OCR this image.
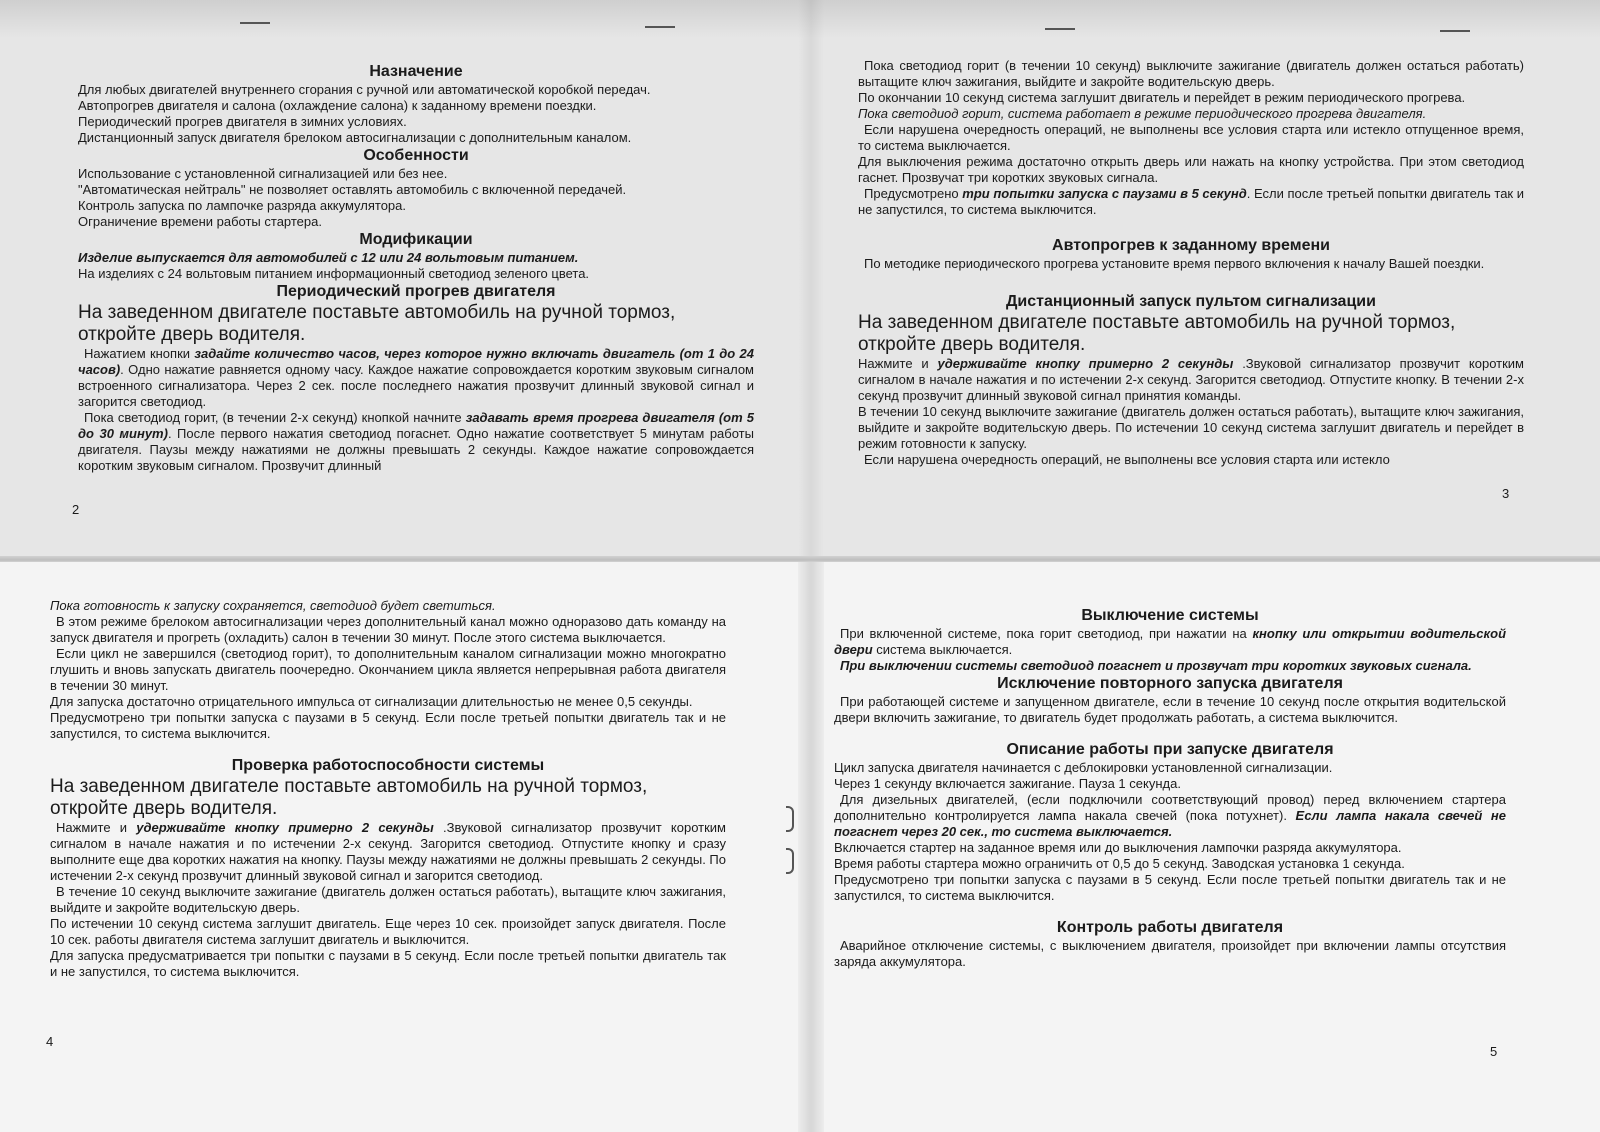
Назначение

Для любых двигателей внутреннего сгорания с ручной или автоматической коробкой передач.

Автопрогрев двигателя и салона (охлаждение салона) к заданному времени поездки.

Периодический прогрев двигателя в зимних условиях.

Дистанционный запуск двигателя брелоком автосигнализации с дополнительным каналом.

Особенности

Использование с установленной сигнализацией или без нее.

"Автоматическая нейтраль" не позволяет оставлять автомобиль с включенной передачей.

Контроль запуска по лампочке разряда аккумулятора.

Ограничение времени работы стартера.

Модификации

Изделие выпускается для автомобилей с 12 или 24 вольтовым питанием.

На изделиях с 24 вольтовым питанием информационный светодиод зеленого цвета.

Периодический прогрев двигателя

На заведенном двигателе поставьте автомобиль на ручной тормоз, откройте дверь водителя.

Нажатием кнопки задайте количество часов, через которое нужно включать двигатель (от 1 до 24 часов). Одно нажатие равняется одному часу. Каждое нажатие сопровождается коротким звуковым сигналом встроенного сигнализатора. Через 2 сек. после последнего нажатия прозвучит длинный звуковой сигнал и загорится светодиод.

Пока светодиод горит, (в течении 2-х секунд) кнопкой начните задавать время прогрева двигателя (от 5 до 30 минут). После первого нажатия светодиод погаснет. Одно нажатие соответствует 5 минутам работы двигателя. Паузы между нажатиями не должны превышать 2 секунды. Каждое нажатие сопровождается коротким звуковым сигналом. Прозвучит длинный

2

Пока светодиод горит (в течении 10 секунд) выключите зажигание (двигатель должен остаться работать) вытащите ключ зажигания, выйдите и закройте водительскую дверь.

По окончании 10 секунд система заглушит двигатель и перейдет в режим периодического прогрева.

Пока светодиод горит, система работает в режиме периодического прогрева двигателя.

Если нарушена очередность операций, не выполнены все условия старта или истекло отпущенное время, то система выключается.

Для выключения режима достаточно открыть дверь или нажать на кнопку устройства. При этом светодиод гаснет. Прозвучат три коротких звуковых сигнала.

Предусмотрено три попытки запуска с паузами в 5 секунд. Если после третьей попытки двигатель так и не запустился, то система выключится.

Автопрогрев к заданному времени

По методике периодического прогрева установите время первого включения к началу Вашей поездки.

Дистанционный запуск пультом сигнализации

На заведенном двигателе поставьте автомобиль на ручной тормоз, откройте дверь водителя.

Нажмите и удерживайте кнопку примерно 2 секунды .Звуковой сигнализатор прозвучит коротким сигналом в начале нажатия и по истечении 2-х секунд. Загорится светодиод. Отпустите кнопку. В течении 2-х секунд прозвучит длинный звуковой сигнал принятия команды.

В течении 10 секунд выключите зажигание (двигатель должен остаться работать), вытащите ключ зажигания, выйдите и закройте водительскую дверь. По истечении 10 секунд система заглушит двигатель и перейдет в режим готовности к запуску.

Если нарушена очередность операций, не выполнены все условия старта или истекло

3

Пока готовность к запуску сохраняется, светодиод будет светиться.

В этом режиме брелоком автосигнализации через дополнительный канал можно одноразово дать команду на запуск двигателя и прогреть (охладить) салон в течении 30 минут. После этого система выключается.

Если цикл не завершился (светодиод горит), то дополнительным каналом сигнализации можно многократно глушить и вновь запускать двигатель поочередно. Окончанием цикла является непрерывная работа двигателя в течении 30 минут.

Для запуска достаточно отрицательного импульса от сигнализации длительностью не менее 0,5 секунды.

Предусмотрено три попытки запуска с паузами в 5 секунд. Если после третьей попытки двигатель так и не запустился, то система выключится.

Проверка работоспособности системы

На заведенном двигателе поставьте автомобиль на ручной тормоз, откройте дверь водителя.

Нажмите и удерживайте кнопку примерно 2 секунды .Звуковой сигнализатор прозвучит коротким сигналом в начале нажатия и по истечении 2-х секунд. Загорится светодиод. Отпустите кнопку и сразу выполните еще два коротких нажатия на кнопку. Паузы между нажатиями не должны превышать 2 секунды. По истечении 2-х секунд прозвучит длинный звуковой сигнал и загорится светодиод.

В течение 10 секунд выключите зажигание (двигатель должен остаться работать), вытащите ключ зажигания, выйдите и закройте водительскую дверь.

По истечении 10 секунд система заглушит двигатель. Еще через 10 сек. произойдет запуск двигателя. После 10 сек. работы двигателя система заглушит двигатель и выключится.

Для запуска предусматривается три попытки с паузами в 5 секунд. Если после третьей попытки двигатель так и не запустился, то система выключится.

4

Выключение системы

При включенной системе, пока горит светодиод, при нажатии на кнопку или открытии водительской двери система выключается.

При выключении системы светодиод погаснет и прозвучат три коротких звуковых сигнала.

Исключение повторного запуска двигателя

При работающей системе и запущенном двигателе, если в течение 10 секунд после открытия водительской двери включить зажигание, то двигатель будет продолжать работать, а система выключится.

Описание работы при запуске двигателя

Цикл запуска двигателя начинается с деблокировки установленной сигнализации.

Через 1 секунду включается зажигание. Пауза 1 секунда.

Для дизельных двигателей, (если подключили соответствующий провод) перед включением стартера дополнительно контролируется лампа накала свечей (пока потухнет). Если лампа накала свечей не погаснет через 20 сек., то система выключается.

Включается стартер на заданное время или до выключения лампочки разряда аккумулятора.

Время работы стартера можно ограничить от 0,5 до 5 секунд. Заводская установка 1 секунда.

Предусмотрено три попытки запуска с паузами в 5 секунд. Если после третьей попытки двигатель так и не запустился, то система выключится.

Контроль работы двигателя

Аварийное отключение системы, с выключением двигателя, произойдет при включении лампы отсутствия заряда аккумулятора.

5
